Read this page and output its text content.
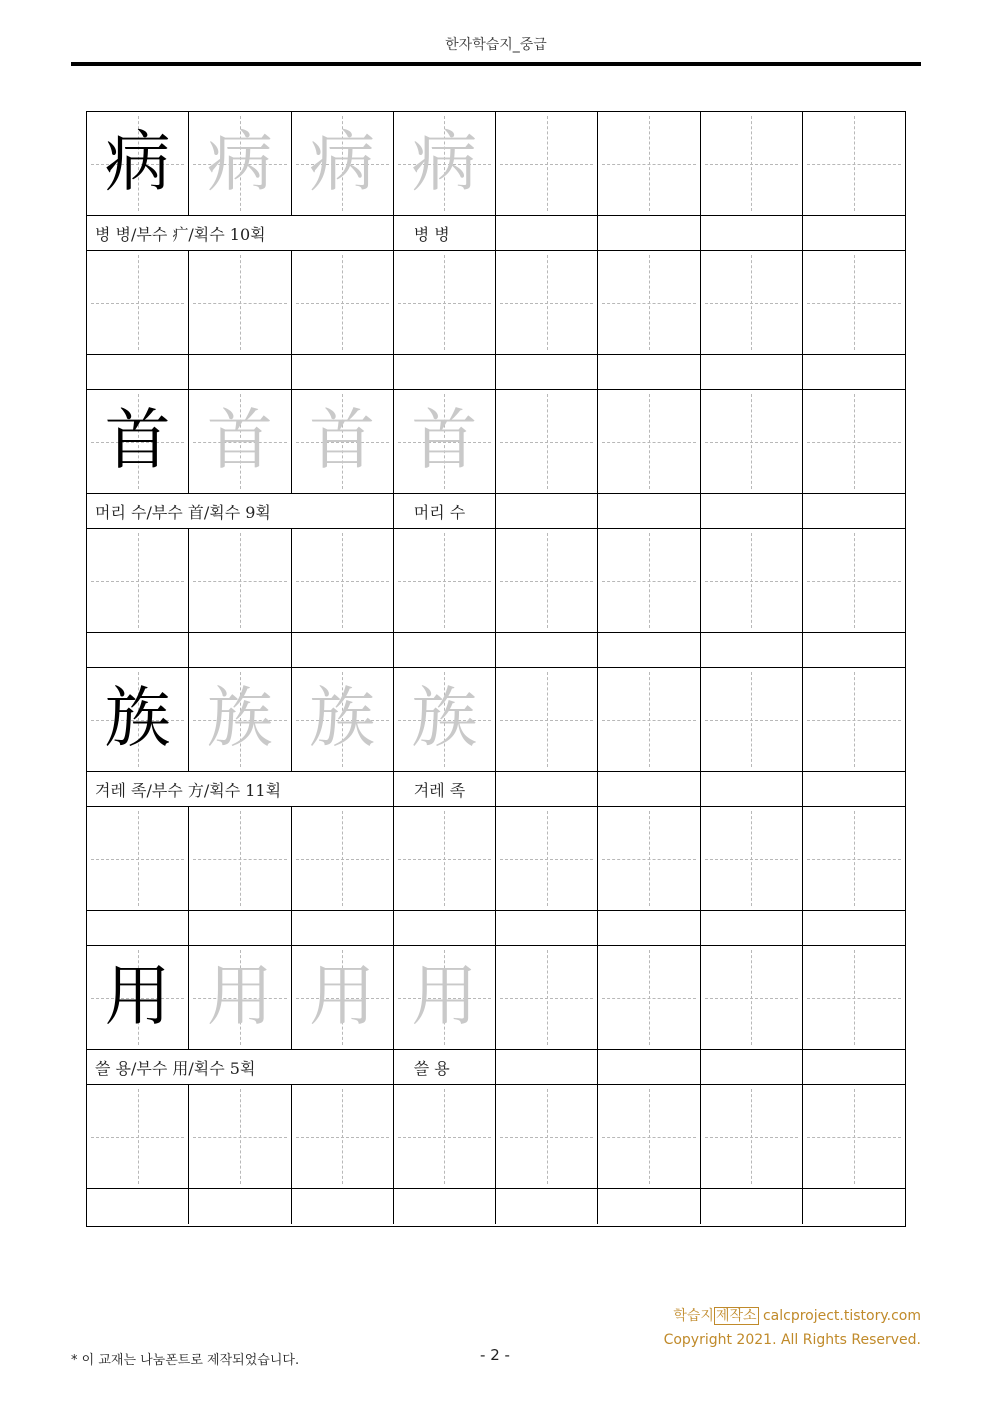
한자학습지_중급
病 病 病 病
병 병/부수 疒/획수 10획	병 병
首 首 首 首
머리 수/부수 首/획수 9획	머리 수
族 族 族 族
겨레 족/부수 方/획수 11획	겨레 족
用 用 用 用
쓸 용/부수 用/획수 5획	쓸 용
학습지 제작소 calcproject.tistory.com
Copyright 2021. All Rights Reserved.
* 이 교재는 나눔폰트로 제작되었습니다.	- 2 -
